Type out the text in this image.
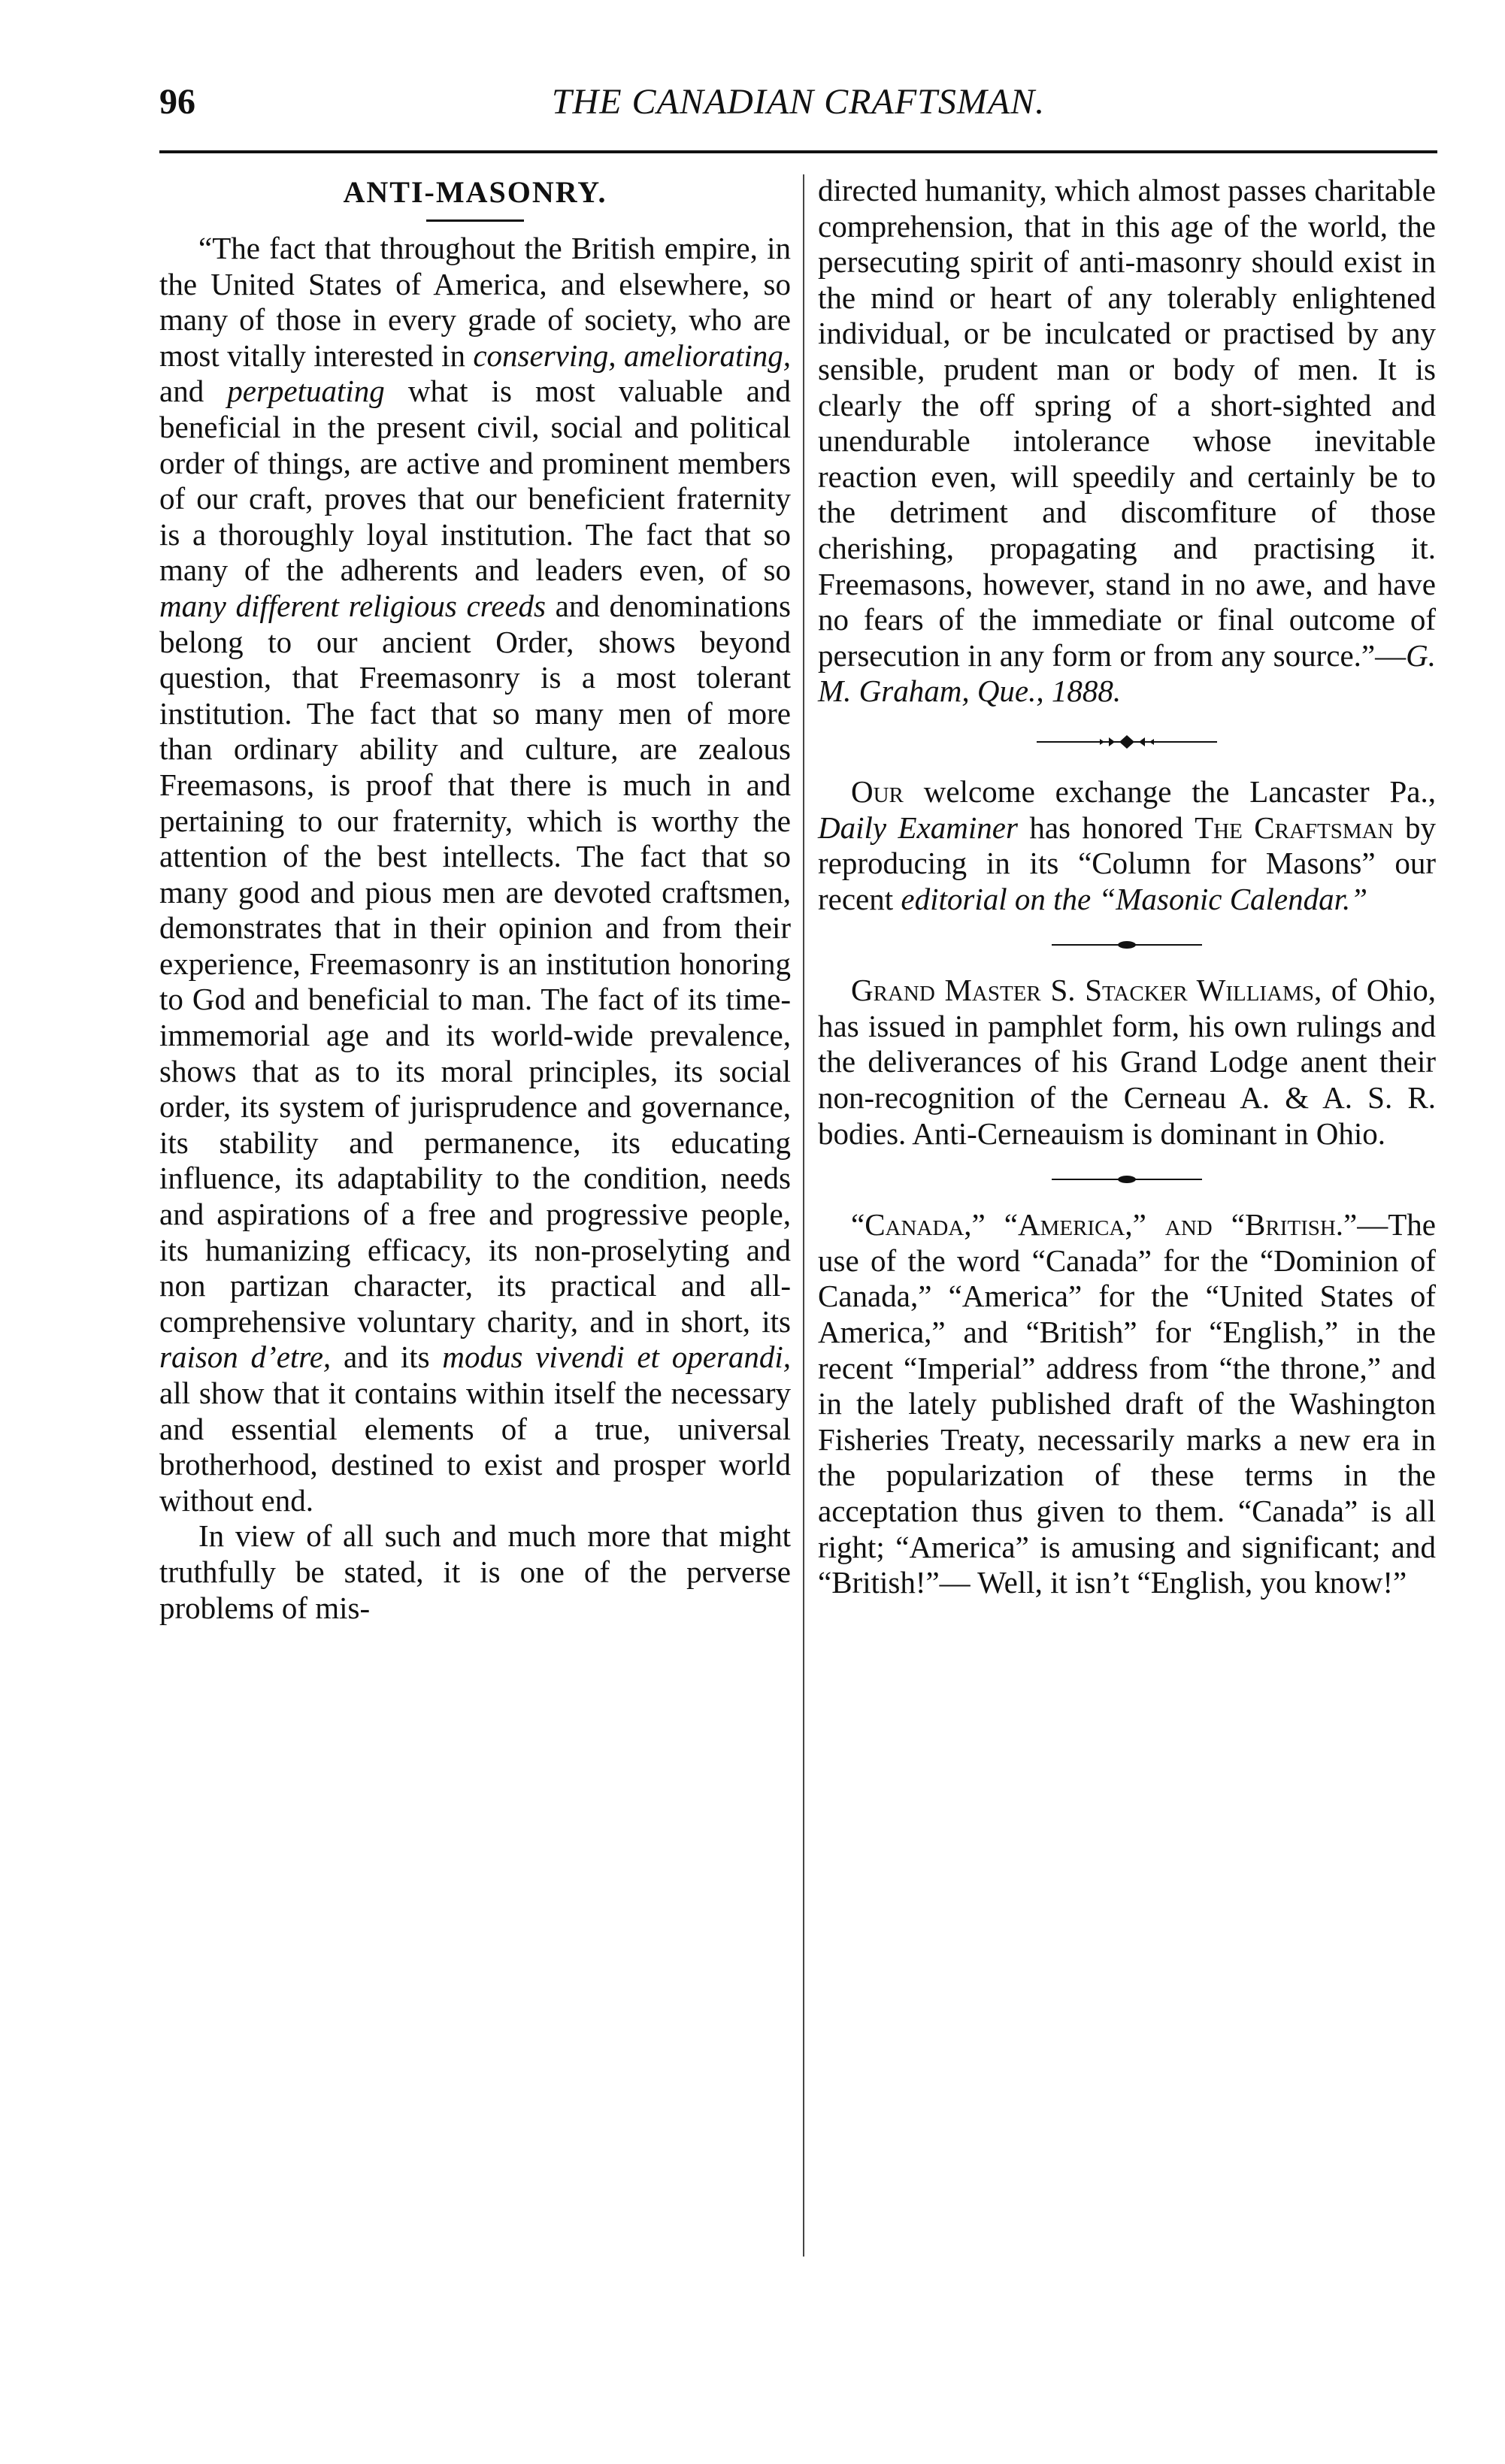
96	THE CANADIAN CRAFTSMAN.
ANTI-MASONRY.

“The fact that throughout the British empire, in the United States of America, and elsewhere, so many of those in every grade of society, who are most vitally interested in conserving, ameliorating, and perpetuating what is most valuable and beneficial in the present civil, social and political order of things, are active and prominent members of our craft, proves that our beneficient fraternity is a thoroughly loyal institution. The fact that so many of the adherents and leaders even, of so many different religious creeds and denominations belong to our ancient Order, shows beyond question, that Freemasonry is a most tolerant institution. The fact that so many men of more than ordinary ability and culture, are zealous Freemasons, is proof that there is much in and pertaining to our fraternity, which is worthy the attention of the best intellects. The fact that so many good and pious men are devoted craftsmen, demonstrates that in their opinion and from their experience, Freemasonry is an institution honoring to God and beneficial to man. The fact of its time-immemorial age and its world-wide prevalence, shows that as to its moral principles, its social order, its system of jurisprudence and governance, its stability and permanence, its educating influence, its adaptability to the condition, needs and aspirations of a free and progressive people, its humanizing efficacy, its non-proselyting and non partizan character, its practical and all-comprehensive voluntary charity, and in short, its raison d’etre, and its modus vivendi et operandi, all show that it contains within itself the necessary and essential elements of a true, universal brotherhood, destined to exist and prosper world without end.

In view of all such and much more that might truthfully be stated, it is one of the perverse problems of mis-

directed humanity, which almost passes charitable comprehension, that in this age of the world, the persecuting spirit of anti-masonry should exist in the mind or heart of any tolerably enlightened individual, or be inculcated or practised by any sensible, prudent man or body of men. It is clearly the off spring of a short-sighted and unendurable intolerance whose inevitable reaction even, will speedily and certainly be to the detriment and discomfiture of those cherishing, propagating and practising it. Freemasons, however, stand in no awe, and have no fears of the immediate or final outcome of persecution in any form or from any source.”—G. M. Graham, Que., 1888.

Our welcome exchange the Lancaster Pa., Daily Examiner has honored The Craftsman by reproducing in its “Column for Masons” our recent editorial on the “Masonic Calendar.”

Grand Master S. Stacker Williams, of Ohio, has issued in pamphlet form, his own rulings and the deliverances of his Grand Lodge anent their non-recognition of the Cerneau A. & A. S. R. bodies. Anti-Cerneauism is dominant in Ohio.

“Canada,” “America,” and “British.”—The use of the word “Canada” for the “Dominion of Canada,” “America” for the “United States of America,” and “British” for “English,” in the recent “Imperial” address from “the throne,” and in the lately published draft of the Washington Fisheries Treaty, necessarily marks a new era in the popularization of these terms in the acceptation thus given to them. “Canada” is all right; “America” is amusing and significant; and “British!”— Well, it isn’t “English, you know!”
